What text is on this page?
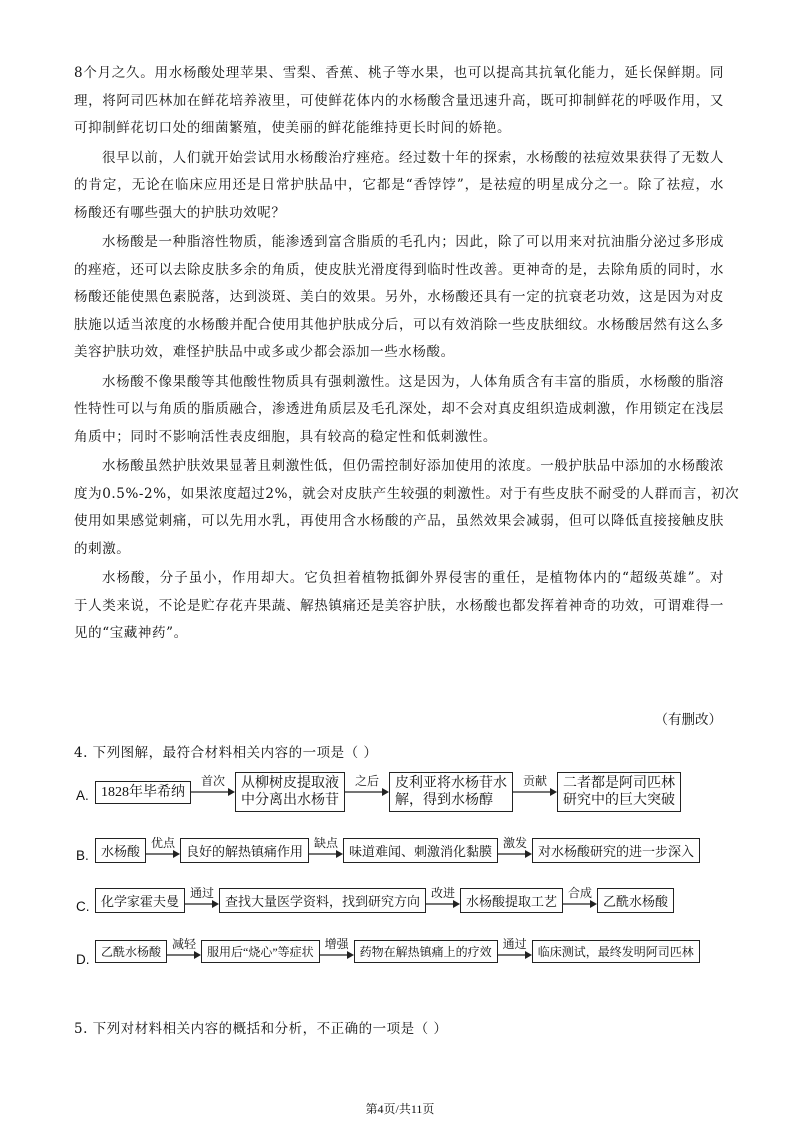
8个月之久。用水杨酸处理苹果、雪梨、香蕉、桃子等水果，也可以提高其抗氧化能力，延长保鲜期。同
理，将阿司匹林加在鲜花培养液里，可使鲜花体内的水杨酸含量迅速升高，既可抑制鲜花的呼吸作用，又
可抑制鲜花切口处的细菌繁殖，使美丽的鲜花能维持更长时间的娇艳。
很早以前，人们就开始尝试用水杨酸治疗痤疮。经过数十年的探索，水杨酸的祛痘效果获得了无数人
的肯定，无论在临床应用还是日常护肤品中，它都是“香饽饽”，是祛痘的明星成分之一。除了祛痘，水
杨酸还有哪些强大的护肤功效呢？
水杨酸是一种脂溶性物质，能渗透到富含脂质的毛孔内；因此，除了可以用来对抗油脂分泌过多形成
的痤疮，还可以去除皮肤多余的角质，使皮肤光滑度得到临时性改善。更神奇的是，去除角质的同时，水
杨酸还能使黑色素脱落，达到淡斑、美白的效果。另外，水杨酸还具有一定的抗衰老功效，这是因为对皮
肤施以适当浓度的水杨酸并配合使用其他护肤成分后，可以有效消除一些皮肤细纹。水杨酸居然有这么多
美容护肤功效，难怪护肤品中或多或少都会添加一些水杨酸。
水杨酸不像果酸等其他酸性物质具有强刺激性。这是因为，人体角质含有丰富的脂质，水杨酸的脂溶
性特性可以与角质的脂质融合，渗透进角质层及毛孔深处，却不会对真皮组织造成刺激，作用锁定在浅层
角质中；同时不影响活性表皮细胞，具有较高的稳定性和低刺激性。
水杨酸虽然护肤效果显著且刺激性低，但仍需控制好添加使用的浓度。一般护肤品中添加的水杨酸浓
度为0.5%-2%，如果浓度超过2%，就会对皮肤产生较强的刺激性。对于有些皮肤不耐受的人群而言，初次
使用如果感觉刺痛，可以先用水乳，再使用含水杨酸的产品，虽然效果会减弱，但可以降低直接接触皮肤
的刺激。
水杨酸，分子虽小，作用却大。它负担着植物抵御外界侵害的重任，是植物体内的“超级英雄”。对
于人类来说，不论是贮存花卉果蔬、解热镇痛还是美容护肤，水杨酸也都发挥着神奇的功效，可谓难得一
见的“宝藏神药”。
（有删改）
4. 下列图解，最符合材料相关内容的一项是（ ）
A. 1828年毕希纳
首次	从柳树皮提取液
中分离出水杨苷
之后	皮利亚将水杨苷水
解，得到水杨醇
贡献	二者都是阿司匹林
研究中的巨大突破
B. 水杨酸
优点
良好的解热镇痛作用
缺点
味道难闻、刺激消化黏膜
激发
对水杨酸研究的进一步深入
C. 化学家霍夫曼
通过
查找大量医学资料，找到研究方向
改进
水杨酸提取工艺
合成
乙酰水杨酸
D.
乙酰水杨酸
减轻
服用后“烧心”等症状
增强
药物在解热镇痛上的疗效
通过
临床测试，最终发明阿司匹林
5. 下列对材料相关内容的概括和分析，不正确的一项是（ ）
第4页/共11页
